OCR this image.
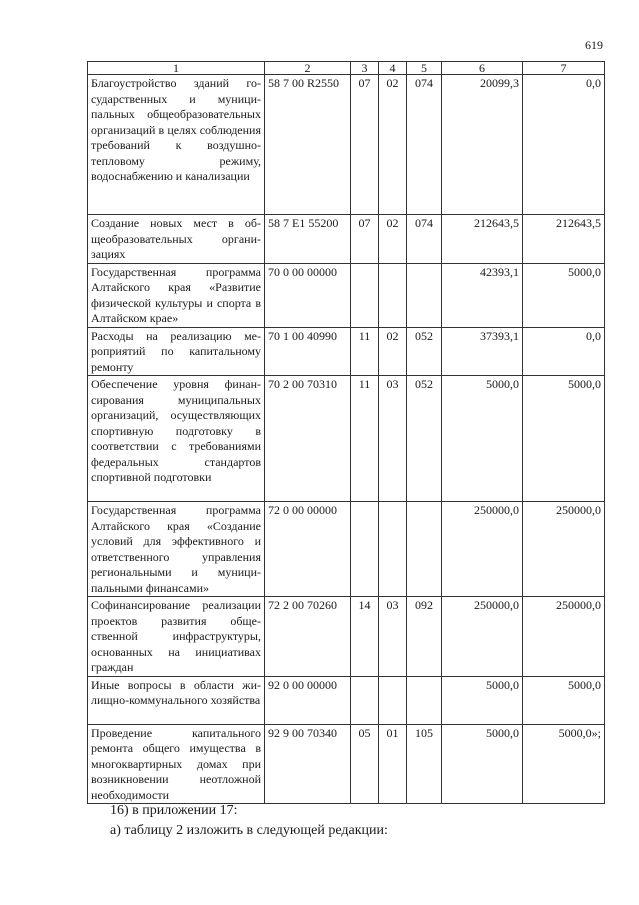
619
1	2	3	4	5	6	7
Благоустройство зданий государственных и муниципальных общеобразовательных организаций в целях соблюдения требований к воздушно-тепловому режиму, водоснабжению и канализации	58 7 00 R2550	07	02	074	20099,3	0,0
Создание новых мест в общеобразовательных организациях	58 7 E1 55200	07	02	074	212643,5	212643,5
Государственная программа Алтайского края «Развитие физической культуры и спорта в Алтайском крае»	70 0 00 00000				42393,1	5000,0
Расходы на реализацию мероприятий по капитальному ремонту	70 1 00 40990	11	02	052	37393,1	0,0
Обеспечение уровня финансирования муниципальных организаций, осуществляющих спортивную подготовку в соответствии с требованиями федеральных стандартов спортивной подготовки	70 2 00 70310	11	03	052	5000,0	5000,0
Государственная программа Алтайского края «Создание условий для эффективного и ответственного управления региональными и муниципальными финансами»	72 0 00 00000				250000,0	250000,0
Софинансирование реализации проектов развития общественной инфраструктуры, основанных на инициативах граждан	72 2 00 70260	14	03	092	250000,0	250000,0
Иные вопросы в области жилищно-коммунального хозяйства	92 0 00 00000				5000,0	5000,0
Проведение капитального ремонта общего имущества в многоквартирных домах при возникновении неотложной необходимости	92 9 00 70340	05	01	105	5000,0	5000,0»;
16) в приложении 17:
а) таблицу 2 изложить в следующей редакции:
